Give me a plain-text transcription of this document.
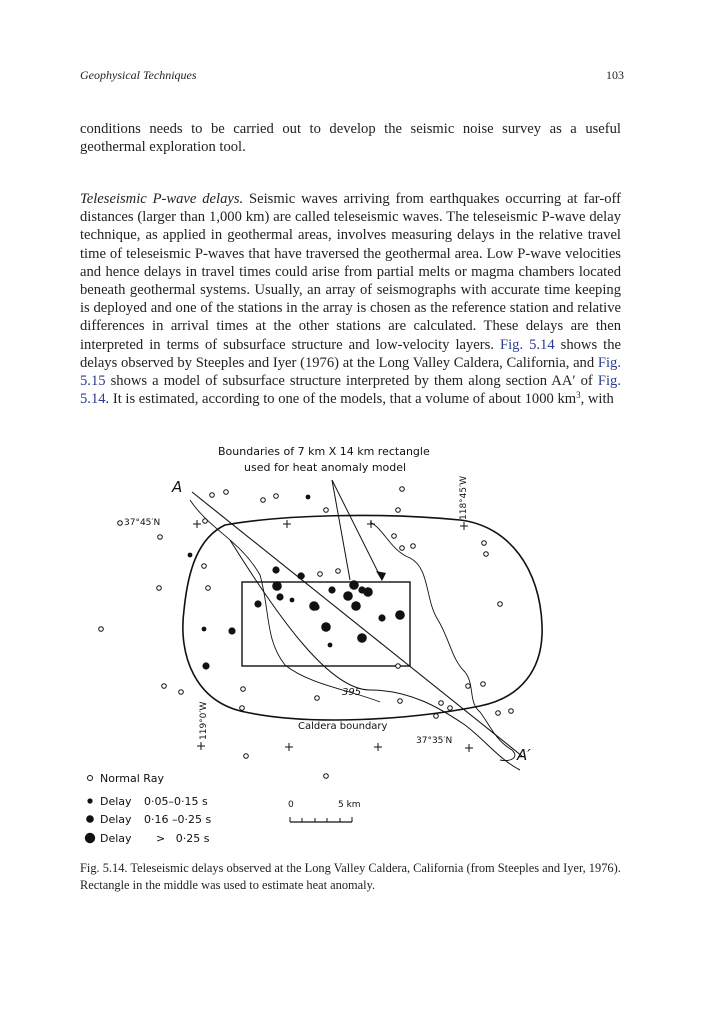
Geophysical Techniques	103

conditions needs to be carried out to develop the seismic noise survey as a useful geothermal exploration tool.

Teleseismic P-wave delays. Seismic waves arriving from earthquakes occurring at far-off distances (larger than 1,000 km) are called teleseismic waves. The teleseismic P-wave delay technique, as applied in geothermal areas, involves measuring delays in the relative travel time of teleseismic P-waves that have traversed the geothermal area. Low P-wave velocities and hence delays in travel times could arise from partial melts or magma chambers located beneath geothermal systems. Usually, an array of seismographs with accurate time keeping is deployed and one of the stations in the array is chosen as the reference station and relative differences in arrival times at the other stations are calculated. These delays are then interpreted in terms of subsurface structure and low-velocity layers. Fig. 5.14 shows the delays observed by Steeples and Iyer (1976) at the Long Valley Caldera, California, and Fig. 5.15 shows a model of subsurface structure interpreted by them along section AA′ of Fig. 5.14. It is estimated, according to one of the models, that a volume of about 1000 $km^3$, with

Boundaries of 7 km X 14 km rectangle
used for heat anomaly model
A
A′
395
37°45′N
37°35′N
118°45′W
119°0′W	Caldera boundary
Normal Ray
Delay 0·05–0·15 s
Delay 0·16 –0·25 s
Delay >   0·25 s
0	5 km

Fig. 5.14. Teleseismic delays observed at the Long Valley Caldera, California (from Steeples and Iyer, 1976). Rectangle in the middle was used to estimate heat anomaly.
